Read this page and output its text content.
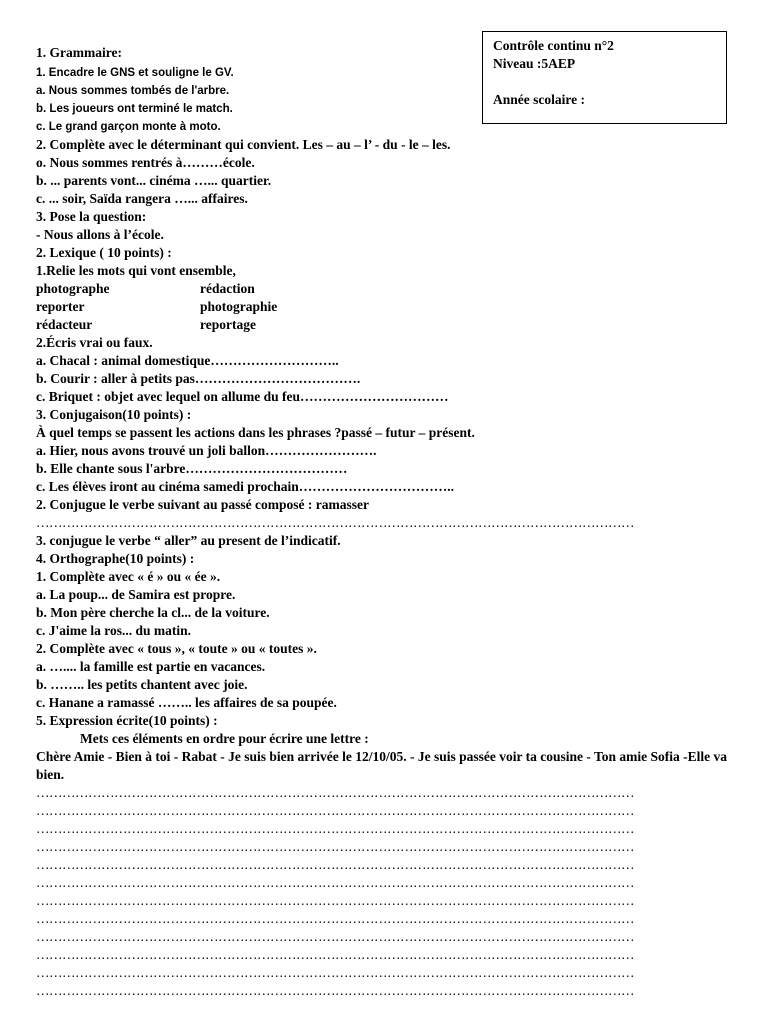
Contrôle continu n°2
Niveau :5AEP
Année scolaire :
1. Grammaire:
1. Encadre le GNS et souligne le GV.
a. Nous sommes tombés de l'arbre.
b. Les joueurs ont terminé le match.
c. Le grand garçon monte à moto.
2. Complète avec le déterminant qui convient. Les – au – l’ - du - le – les.
o. Nous sommes rentrés à………école.
b. ... parents vont... cinéma …... quartier.
c. ... soir, Saïda rangera …... affaires.
3. Pose la question:
- Nous allons à l’école.
2. Lexique ( 10 points) :
1.Relie les mots qui vont ensemble,
photographe	rédaction
reporter	photographie
rédacteur	reportage
2.Écris vrai ou faux.
a. Chacal : animal domestique………………………..
b. Courir : aller à petits pas……………………………….
c. Briquet : objet avec lequel on allume du feu……………………………
3. Conjugaison(10 points) :
À quel temps se passent les actions dans les phrases ?passé – futur – présent.
a. Hier, nous avons trouvé un joli ballon…………………….
b. Elle chante sous l'arbre………………………………
c. Les élèves iront au cinéma samedi prochain……………………………..
2. Conjugue le verbe suivant au passé composé : ramasser
…………………………………………………………………………………………………………………………
3. conjugue le verbe “ aller” au present de l’indicatif.
4. Orthographe(10 points) :
1. Complète avec « é » ou « ée ».
a. La poup... de Samira est propre.
b. Mon père cherche la cl... de la voiture.
c. J'aime la ros... du matin.
2. Complète avec « tous », « toute » ou « toutes ».
a. ….... la famille est partie en vacances.
b. …….. les petits chantent avec joie.
c. Hanane a ramassé …….. les affaires de sa poupée.
5. Expression écrite(10 points) :
Mets ces éléments en ordre pour écrire une lettre :
Chère Amie - Bien à toi - Rabat - Je suis bien arrivée le 12/10/05. - Je suis passée voir ta cousine - Ton amie Sofia -Elle va bien.
…………………………………………………………………………………………………………………………
…………………………………………………………………………………………………………………………
…………………………………………………………………………………………………………………………
…………………………………………………………………………………………………………………………
…………………………………………………………………………………………………………………………
…………………………………………………………………………………………………………………………
…………………………………………………………………………………………………………………………
…………………………………………………………………………………………………………………………
…………………………………………………………………………………………………………………………
…………………………………………………………………………………………………………………………
…………………………………………………………………………………………………………………………
…………………………………………………………………………………………………………………………
